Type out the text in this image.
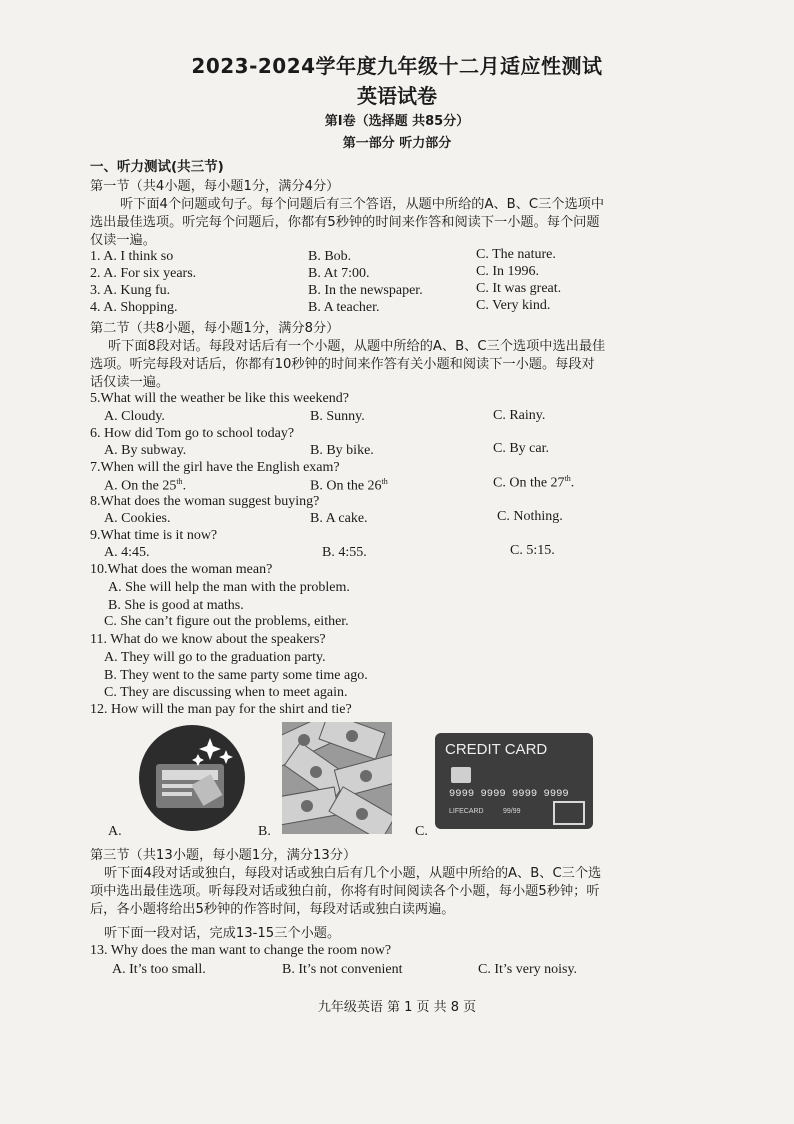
2023-2024学年度九年级十二月适应性测试
英语试卷
第Ⅰ卷（选择题 共85分）
第一部分 听力部分
一、听力测试(共三节)
第一节（共4小题，每小题1分，满分4分）
听下面4个问题或句子。每个问题后有三个答语，从题中所给的A、B、C三个选项中
选出最佳选项。听完每个问题后，你都有5秒钟的时间来作答和阅读下一小题。每个问题
仅读一遍。
1. A. I think so	B. Bob.	C. The nature.
2. A. For six years.	B. At 7:00.	C. In 1996.
3. A. Kung fu.	B. In the newspaper.	C. It was great.
4. A. Shopping.	B. A teacher.	C. Very kind.
第二节（共8小题，每小题1分，满分8分）
听下面8段对话。每段对话后有一个小题，从题中所给的A、B、C三个选项中选出最佳
选项。听完每段对话后，你都有10秒钟的时间来作答有关小题和阅读下一小题。每段对
话仅读一遍。
5.What will the weather be like this weekend?
A. Cloudy.	B. Sunny.	C. Rainy.
6. How did Tom go to school today?
A. By subway.	B. By bike.	C. By car.
7.When will the girl have the English exam?
A. On the 25th.	B. On the 26th	C. On the 27th.
8.What does the woman suggest buying?
A. Cookies.	B. A cake.	C. Nothing.
9.What time is it now?
A. 4:45.	B. 4:55.	C. 5:15.
10.What does the woman mean?
A. She will help the man with the problem.
B. She is good at maths.
C. She can’t figure out the problems, either.
11. What do we know about the speakers?
A. They will go to the graduation party.
B. They went to the same party some time ago.
C. They are discussing when to meet again.
12. How will the man pay for the shirt and tie?
A.	B.
CREDIT CARD
9999 9999 9999 9999
LIFECARD	99/99
C.
第三节（共13小题，每小题1分，满分13分）
听下面4段对话或独白，每段对话或独白后有几个小题，从题中所给的A、B、C三个选
项中选出最佳选项。听每段对话或独白前，你将有时间阅读各个小题，每小题5秒钟；听
后，各小题将给出5秒钟的作答时间，每段对话或独白读两遍。
听下面一段对话，完成13-15三个小题。
13. Why does the man want to change the room now?
A. It’s too small.	B. It’s not convenient	C. It’s very noisy.
九年级英语 第 1 页 共 8 页
